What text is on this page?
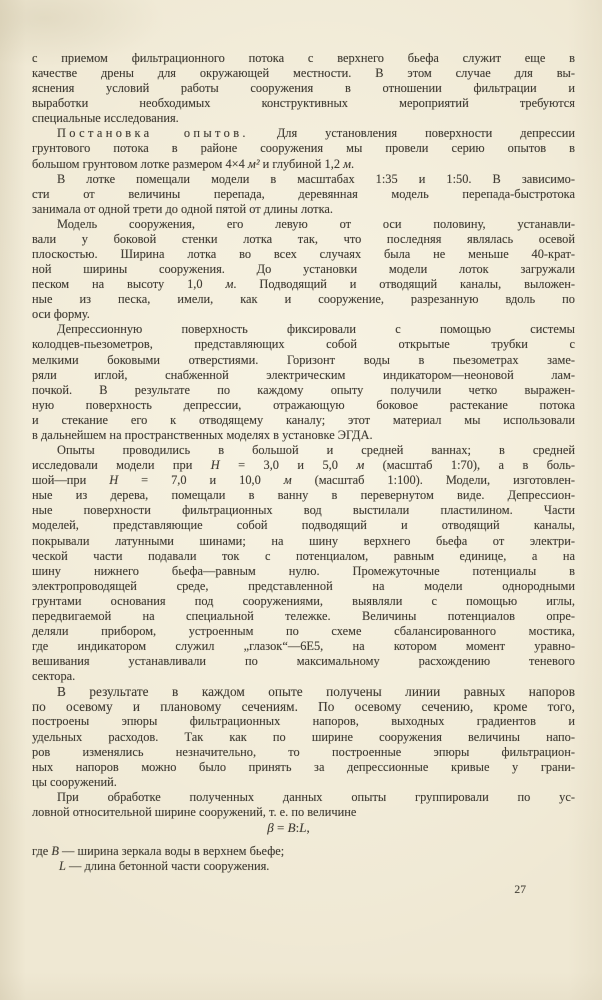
с приемом фильтрационного потока с верхнего бьефа служит еще в
качестве дрены для окружающей местности. В этом случае для вы-
яснения условий работы сооружения в отношении фильтрации и
выработки необходимых конструктивных мероприятий требуются
специальные исследования.
Постановка опытов. Для установления поверхности депрессии
грунтового потока в районе сооружения мы провели серию опытов в
большом грунтовом лотке размером 4×4 м² и глубиной 1,2 м.
В лотке помещали модели в масштабах 1:35 и 1:50. В зависимо-
сти от величины перепада, деревянная модель перепада-быстротока
занимала от одной трети до одной пятой от длины лотка.
Модель сооружения, его левую от оси половину, устанавли-
вали у боковой стенки лотка так, что последняя являлась осевой
плоскостью. Ширина лотка во всех случаях была не меньше 40-крат-
ной ширины сооружения. До установки модели лоток загружали
песком на высоту 1,0 м. Подводящий и отводящий каналы, выложен-
ные из песка, имели, как и сооружение, разрезанную вдоль по
оси форму.
Депрессионную поверхность фиксировали с помощью системы
колодцев-пьезометров, представляющих собой открытые трубки с
мелкими боковыми отверстиями. Горизонт воды в пьезометрах заме-
ряли иглой, снабженной электрическим индикатором—неоновой лам-
почкой. В результате по каждому опыту получили четко выражен-
ную поверхность депрессии, отражающую боковое растекание потока
и стекание его к отводящему каналу; этот материал мы использовали
в дальнейшем на пространственных моделях в установке ЭГДА.
Опыты проводились в большой и средней ваннах; в средней
исследовали модели при H = 3,0 и 5,0 м (масштаб 1:70), а в боль-
шой—при H = 7,0 и 10,0 м (масштаб 1:100). Модели, изготовлен-
ные из дерева, помещали в ванну в перевернутом виде. Депрессион-
ные поверхности фильтрационных вод выстилали пластилином. Части
моделей, представляющие собой подводящий и отводящий каналы,
покрывали латунными шинами; на шину верхнего бьефа от электри-
ческой части подавали ток с потенциалом, равным единице, а на
шину нижнего бьефа—равным нулю. Промежуточные потенциалы в
электропроводящей среде, представленной на модели однородными
грунтами основания под сооружениями, выявляли с помощью иглы,
передвигаемой на специальной тележке. Величины потенциалов опре-
деляли прибором, устроенным по схеме сбалансированного мостика,
где индикатором служил „глазок“—6Е5, на котором момент уравно-
вешивания устанавливали по максимальному расхождению теневого
сектора.
В результате в каждом опыте получены линии равных напоров
по осевому и плановому сечениям. По осевому сечению, кроме того,
построены эпюры фильтрационных напоров, выходных градиентов и
удельных расходов. Так как по ширине сооружения величины напо-
ров изменялись незначительно, то построенные эпюры фильтрацион-
ных напоров можно было принять за депрессионные кривые у грани-
цы сооружений.
При обработке полученных данных опыты группировали по ус-
ловной относительной ширине сооружений, т. е. по величине
β = B:L,
где B — ширина зеркала воды в верхнем бьефе;
L — длина бетонной части сооружения.
27
